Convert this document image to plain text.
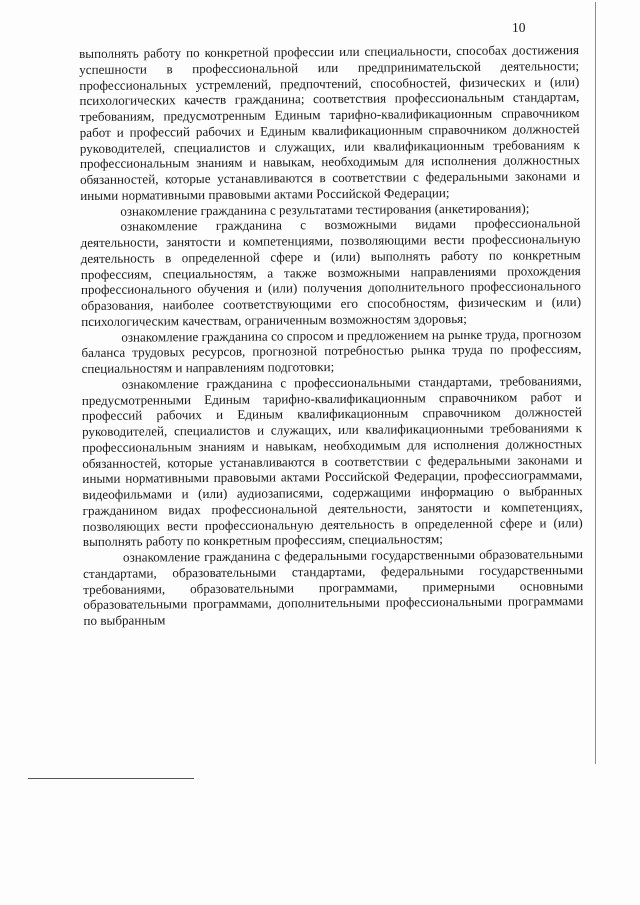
10

выполнять работу по конкретной профессии или специальности, способах достижения успешности в профессиональной или предпринимательской деятельности; профессиональных устремлений, предпочтений, способностей, физических и (или) психологических качеств гражданина; соответствия профессиональным стандартам, требованиям, предусмотренным Единым тарифно-квалификационным справочником работ и профессий рабочих и Единым квалификационным справочником должностей руководителей, специалистов и служащих, или квалификационным требованиям к профессиональным знаниям и навыкам, необходимым для исполнения должностных обязанностей, которые устанавливаются в соответствии с федеральными законами и иными нормативными правовыми актами Российской Федерации;

ознакомление гражданина с результатами тестирования (анкетирования);

ознакомление гражданина с возможными видами профессиональной деятельности, занятости и компетенциями, позволяющими вести профессиональную деятельность в определенной сфере и (или) выполнять работу по конкретным профессиям, специальностям, а также возможными направлениями прохождения профессионального обучения и (или) получения дополнительного профессионального образования, наиболее соответствующими его способностям, физическим и (или) психологическим качествам, ограниченным возможностям здоровья;

ознакомление гражданина со спросом и предложением на рынке труда, прогнозом баланса трудовых ресурсов, прогнозной потребностью рынка труда по профессиям, специальностям и направлениям подготовки;

ознакомление гражданина с профессиональными стандартами, требованиями, предусмотренными Единым тарифно-квалификационным справочником работ и профессий рабочих и Единым квалификационным справочником должностей руководителей, специалистов и служащих, или квалификационными требованиями к профессиональным знаниям и навыкам, необходимым для исполнения должностных обязанностей, которые устанавливаются в соответствии с федеральными законами и иными нормативными правовыми актами Российской Федерации, профессиограммами, видеофильмами и (или) аудиозаписями, содержащими информацию о выбранных гражданином видах профессиональной деятельности, занятости и компетенциях, позволяющих вести профессиональную деятельность в определенной сфере и (или) выполнять работу по конкретным профессиям, специальностям;

ознакомление гражданина с федеральными государственными образовательными стандартами, образовательными стандартами, федеральными государственными требованиями, образовательными программами, примерными основными образовательными программами, дополнительными профессиональными программами по выбранным
